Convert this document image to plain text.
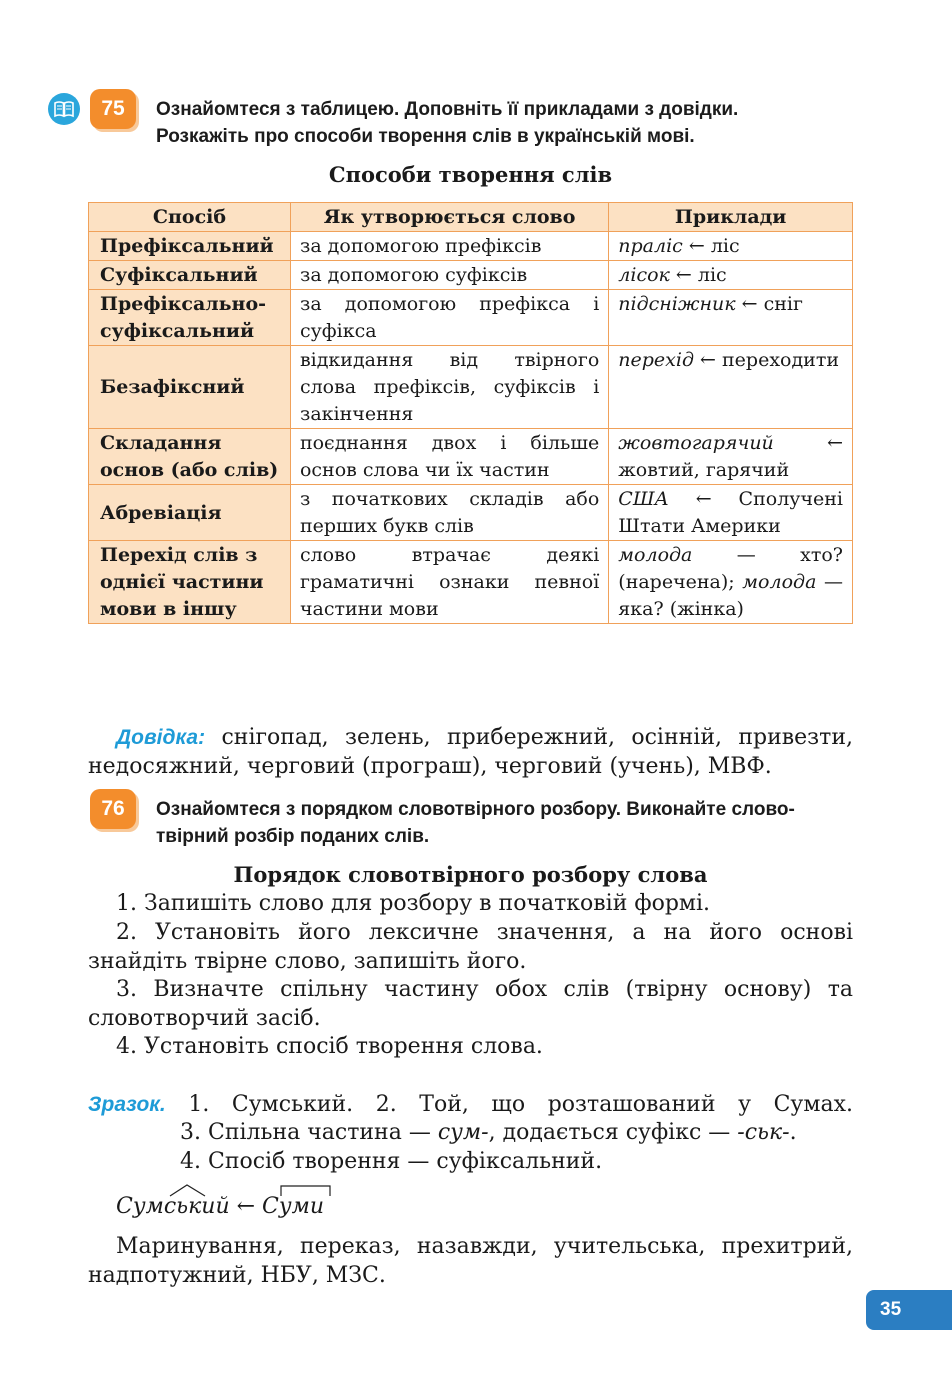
75	Ознайомтеся з таблицею. Доповніть її прикладами з довідки.
Розкажіть про способи творення слів в українській мові.
Способи творення слів
Спосіб	Як утворюється слово	Приклади
Префіксальний	за допомогою префіксів	праліс ← ліс
Суфіксальний	за допомогою суфіксів	лісок ← ліс
Префіксально-суфіксальний	за допомогою префікса і суфікса	підсніжник ← сніг
Безафіксний	відкидання від твірного слова префіксів, суфіксів і закінчення	перехід ← переходити
Складання основ (або слів)	поєднання двох і більше основ слова чи їх частин	жовтогарячий ← жовтий, гарячий
Абревіація	з початкових складів або перших букв слів	США ← Сполучені Штати Америки
Перехід слів з однієї частини мови в іншу	слово втрачає деякі граматичні ознаки певної частини мови	молода — хто? (наречена); молода — яка? (жінка)
Довідка: снігопад, зелень, прибережний, осінній, привезти, недосяжний, черговий (програш), черговий (учень), МВФ.
76	Ознайомтеся з порядком словотвірного розбору. Виконайте слово-
твірний розбір поданих слів.
Порядок словотвірного розбору слова
1. Запишіть слово для розбору в початковій формі.
2. Установіть його лексичне значення, а на його основі знайдіть твірне слово, запишіть його.
3. Визначте спільну частину обох слів (твірну основу) та словотворчий засіб.
4. Установіть спосіб творення слова.
Зразок. 1. Сумський. 2. Той, що розташований у Сумах.
3. Спільна частина — сум-, додається суфікс — -ськ-.
4. Спосіб творення — суфіксальний.
Сумський ← Суми
Маринування, переказ, назавжди, учительська, прехитрий, надпотужний, НБУ, МЗС.
35
